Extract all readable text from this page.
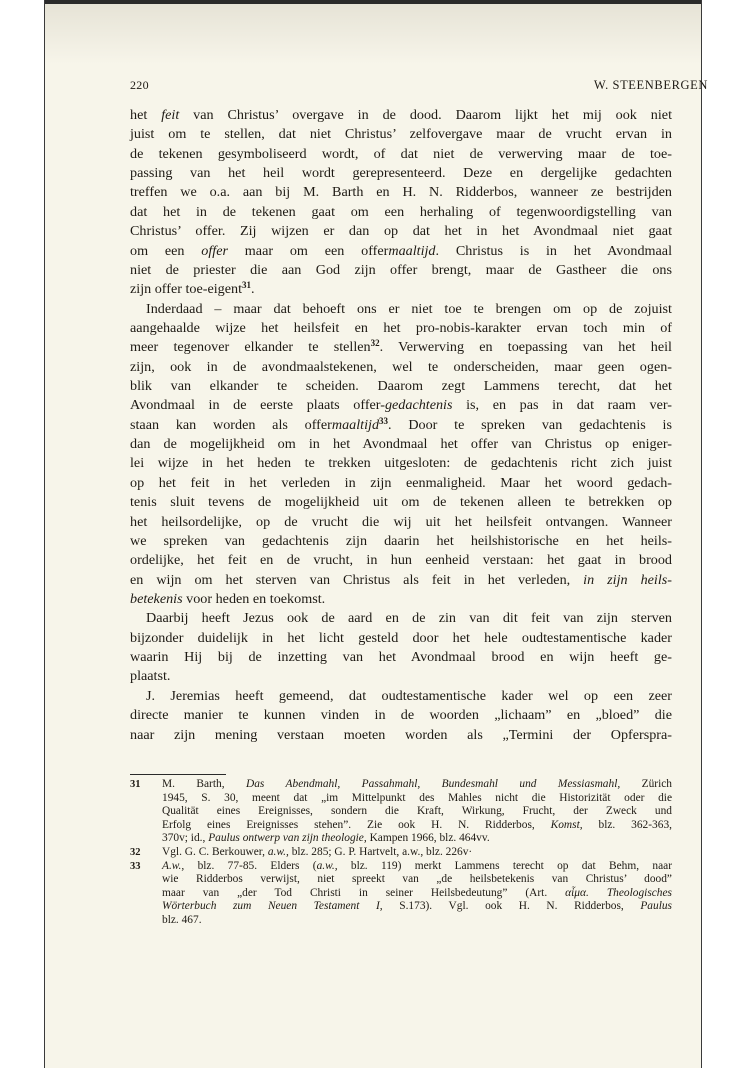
220	W. STEENBERGEN
het feit van Christus’ overgave in de dood. Daarom lijkt het mij ook niet
juist om te stellen, dat niet Christus’ zelfovergave maar de vrucht ervan in
de tekenen gesymboliseerd wordt, of dat niet de verwerving maar de toe-
passing van het heil wordt gerepresenteerd. Deze en dergelijke gedachten
treffen we o.a. aan bij M. Barth en H. N. Ridderbos, wanneer ze bestrijden
dat het in de tekenen gaat om een herhaling of tegenwoordigstelling van
Christus’ offer. Zij wijzen er dan op dat het in het Avondmaal niet gaat
om een offer maar om een offermaaltijd. Christus is in het Avondmaal
niet de priester die aan God zijn offer brengt, maar de Gastheer die ons
zijn offer toe-eigent$^{31}$.
Inderdaad – maar dat behoeft ons er niet toe te brengen om op de zojuist
aangehaalde wijze het heilsfeit en het pro-nobis-karakter ervan toch min of
meer tegenover elkander te stellen$^{32}$. Verwerving en toepassing van het heil
zijn, ook in de avondmaalstekenen, wel te onderscheiden, maar geen ogen-
blik van elkander te scheiden. Daarom zegt Lammens terecht, dat het
Avondmaal in de eerste plaats offer-gedachtenis is, en pas in dat raam ver-
staan kan worden als offermaaltijd$^{33}$. Door te spreken van gedachtenis is
dan de mogelijkheid om in het Avondmaal het offer van Christus op eniger-
lei wijze in het heden te trekken uitgesloten: de gedachtenis richt zich juist
op het feit in het verleden in zijn eenmaligheid. Maar het woord gedach-
tenis sluit tevens de mogelijkheid uit om de tekenen alleen te betrekken op
het heilsordelijke, op de vrucht die wij uit het heilsfeit ontvangen. Wanneer
we spreken van gedachtenis zijn daarin het heilshistorische en het heils-
ordelijke, het feit en de vrucht, in hun eenheid verstaan: het gaat in brood
en wijn om het sterven van Christus als feit in het verleden, in zijn heils-
betekenis voor heden en toekomst.
Daarbij heeft Jezus ook de aard en de zin van dit feit van zijn sterven
bijzonder duidelijk in het licht gesteld door het hele oudtestamentische kader
waarin Hij bij de inzetting van het Avondmaal brood en wijn heeft ge-
plaatst.
J. Jeremias heeft gemeend, dat oudtestamentische kader wel op een zeer
directe manier te kunnen vinden in de woorden „lichaam” en „bloed” die
naar zijn mening verstaan moeten worden als „Termini der Opferspra-
31 M. Barth, Das Abendmahl, Passahmahl, Bundesmahl und Messiasmahl, Zürich
1945, S. 30, meent dat „im Mittelpunkt des Mahles nicht die Historizität oder die
Qualität eines Ereignisses, sondern die Kraft, Wirkung, Frucht, der Zweck und
Erfolg eines Ereignisses stehen”. Zie ook H. N. Ridderbos, Komst, blz. 362-363,
370v; id., Paulus ontwerp van zijn theologie, Kampen 1966, blz. 464vv.
32 Vgl. G. C. Berkouwer, a.w., blz. 285; G. P. Hartvelt, a.w., blz. 226v·
33 A.w., blz. 77-85. Elders (a.w., blz. 119) merkt Lammens terecht op dat Behm, naar
wie Ridderbos verwijst, niet spreekt van „de heilsbetekenis van Christus’ dood”
maar van „der Tod Christi in seiner Heilsbedeutung” (Art. αἷμα. Theologisches
Wörterbuch zum Neuen Testament I, S.173). Vgl. ook H. N. Ridderbos, Paulus
blz. 467.
